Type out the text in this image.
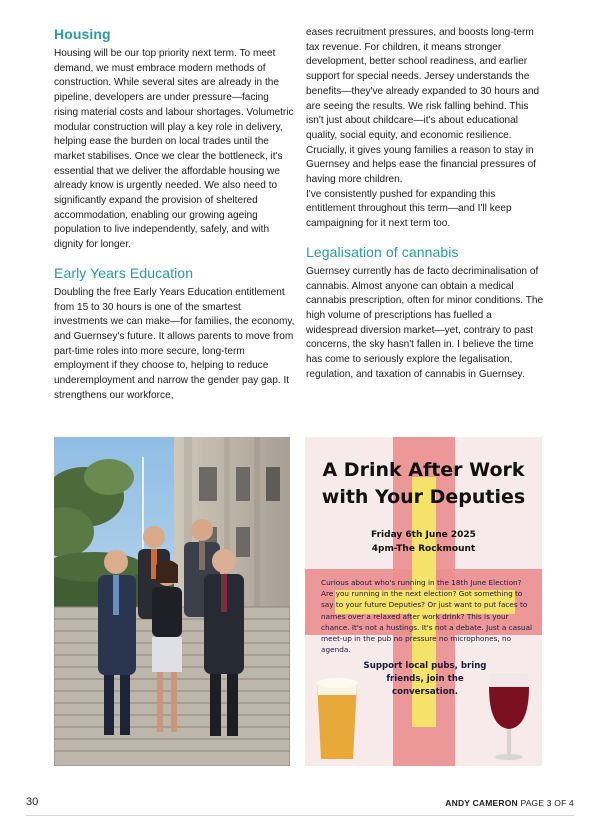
Housing

Housing will be our top priority next term. To meet demand, we must embrace modern methods of construction. While several sites are already in the pipeline, developers are under pressure—facing rising material costs and labour shortages. Volumetric modular construction will play a key role in delivery, helping ease the burden on local trades until the market stabilises. Once we clear the bottleneck, it's essential that we deliver the affordable housing we already know is urgently needed. We also need to significantly expand the provision of sheltered accommodation, enabling our growing ageing population to live independently, safely, and with dignity for longer.

Early Years Education

Doubling the free Early Years Education entitlement from 15 to 30 hours is one of the smartest investments we can make—for families, the economy, and Guernsey's future. It allows parents to move from part-time roles into more secure, long-term employment if they choose to, helping to reduce underemployment and narrow the gender pay gap. It strengthens our workforce,

eases recruitment pressures, and boosts long-term tax revenue. For children, it means stronger development, better school readiness, and earlier support for special needs. Jersey understands the benefits—they've already expanded to 30 hours and are seeing the results. We risk falling behind. This isn't just about childcare—it's about educational quality, social equity, and economic resilience. Crucially, it gives young families a reason to stay in Guernsey and helps ease the financial pressures of having more children.

I've consistently pushed for expanding this entitlement throughout this term—and I'll keep campaigning for it next term too.

Legalisation of cannabis

Guernsey currently has de facto decriminalisation of cannabis. Almost anyone can obtain a medical cannabis prescription, often for minor conditions. The high volume of prescriptions has fuelled a widespread diversion market—yet, contrary to past concerns, the sky hasn't fallen in. I believe the time has come to seriously explore the legalisation, regulation, and taxation of cannabis in Guernsey.

A Drink After Work
with Your Deputies
Friday 6th June 2025
4pm-The Rockmount
Curious about who's running in the 18th June Election? Are you running in the next election? Got something to say to your future Deputies? Or just want to put faces to names over a relaxed after work drink? This is your chance. It's not a hustings. It's not a debate. Just a casual meet-up in the pub no pressure no microphones, no agenda.
Support local pubs, bring friends, join the conversation.
30	ANDY CAMERON PAGE 3 OF 4
